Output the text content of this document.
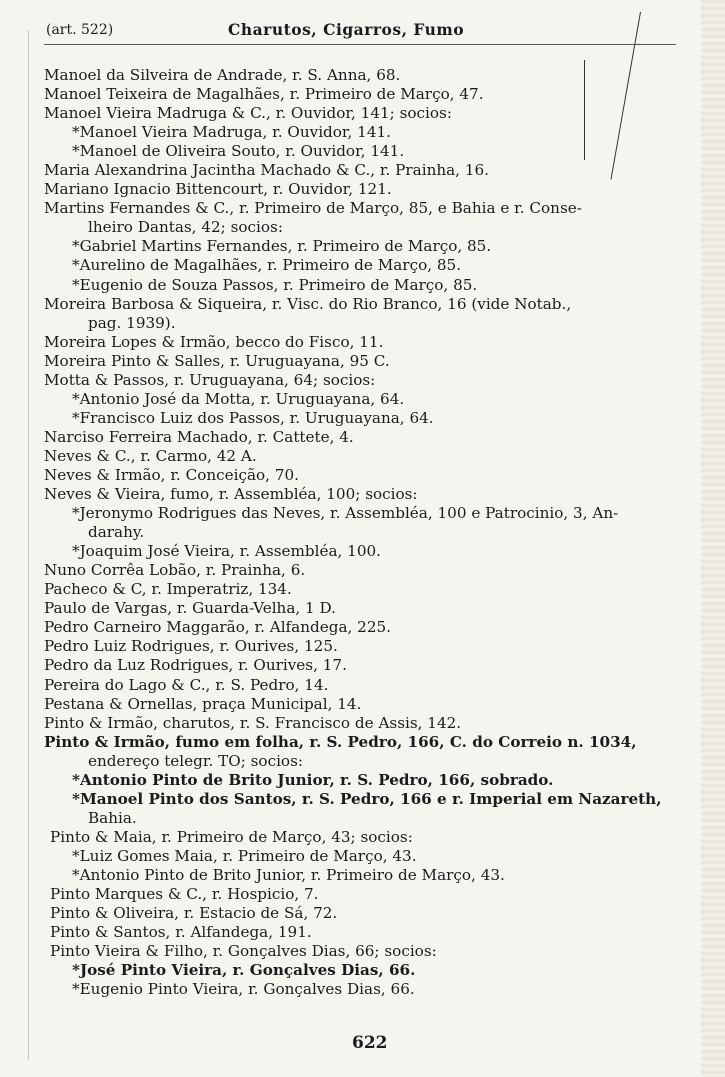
(art. 522)	Charutos, Cigarros, Fumo
Manoel da Silveira de Andrade, r. S. Anna, 68.
Manoel Teixeira de Magalhães, r. Primeiro de Março, 47.
Manoel Vieira Madruga & C., r. Ouvidor, 141; socios:
*Manoel Vieira Madruga, r. Ouvidor, 141.
*Manoel de Oliveira Souto, r. Ouvidor, 141.
Maria Alexandrina Jacintha Machado & C., r. Prainha, 16.
Mariano Ignacio Bittencourt, r. Ouvidor, 121.
Martins Fernandes & C., r. Primeiro de Março, 85, e Bahia e r. Conse-
lheiro Dantas, 42; socios:
*Gabriel Martins Fernandes, r. Primeiro de Março, 85.
*Aurelino de Magalhães, r. Primeiro de Março, 85.
*Eugenio de Souza Passos, r. Primeiro de Março, 85.
Moreira Barbosa & Siqueira, r. Visc. do Rio Branco, 16 (vide Notab.,
pag. 1939).
Moreira Lopes & Irmão, becco do Fisco, 11.
Moreira Pinto & Salles, r. Uruguayana, 95 C.
Motta & Passos, r. Uruguayana, 64; socios:
*Antonio José da Motta, r. Uruguayana, 64.
*Francisco Luiz dos Passos, r. Uruguayana, 64.
Narciso Ferreira Machado, r. Cattete, 4.
Neves & C., r. Carmo, 42 A.
Neves & Irmão, r. Conceição, 70.
Neves & Vieira, fumo, r. Assembléa, 100; socios:
*Jeronymo Rodrigues das Neves, r. Assembléa, 100 e Patrocinio, 3, An-
darahy.
*Joaquim José Vieira, r. Assembléa, 100.
Nuno Corrêa Lobão, r. Prainha, 6.
Pacheco & C, r. Imperatriz, 134.
Paulo de Vargas, r. Guarda-Velha, 1 D.
Pedro Carneiro Maggarão, r. Alfandega, 225.
Pedro Luiz Rodrigues, r. Ourives, 125.
Pedro da Luz Rodrigues, r. Ourives, 17.
Pereira do Lago & C., r. S. Pedro, 14.
Pestana & Ornellas, praça Municipal, 14.
Pinto & Irmão, charutos, r. S. Francisco de Assis, 142.
Pinto & Irmão, fumo em folha, r. S. Pedro, 166, C. do Correio n. 1034,
endereço telegr. TO; socios:
*Antonio Pinto de Brito Junior, r. S. Pedro, 166, sobrado.
*Manoel Pinto dos Santos, r. S. Pedro, 166 e r. Imperial em Nazareth,
Bahia.
Pinto & Maia, r. Primeiro de Março, 43; socios:
*Luiz Gomes Maia, r. Primeiro de Março, 43.
*Antonio Pinto de Brito Junior, r. Primeiro de Março, 43.
Pinto Marques & C., r. Hospicio, 7.
Pinto & Oliveira, r. Estacio de Sá, 72.
Pinto & Santos, r. Alfandega, 191.
Pinto Vieira & Filho, r. Gonçalves Dias, 66; socios:
*José Pinto Vieira, r. Gonçalves Dias, 66.
*Eugenio Pinto Vieira, r. Gonçalves Dias, 66.
622
